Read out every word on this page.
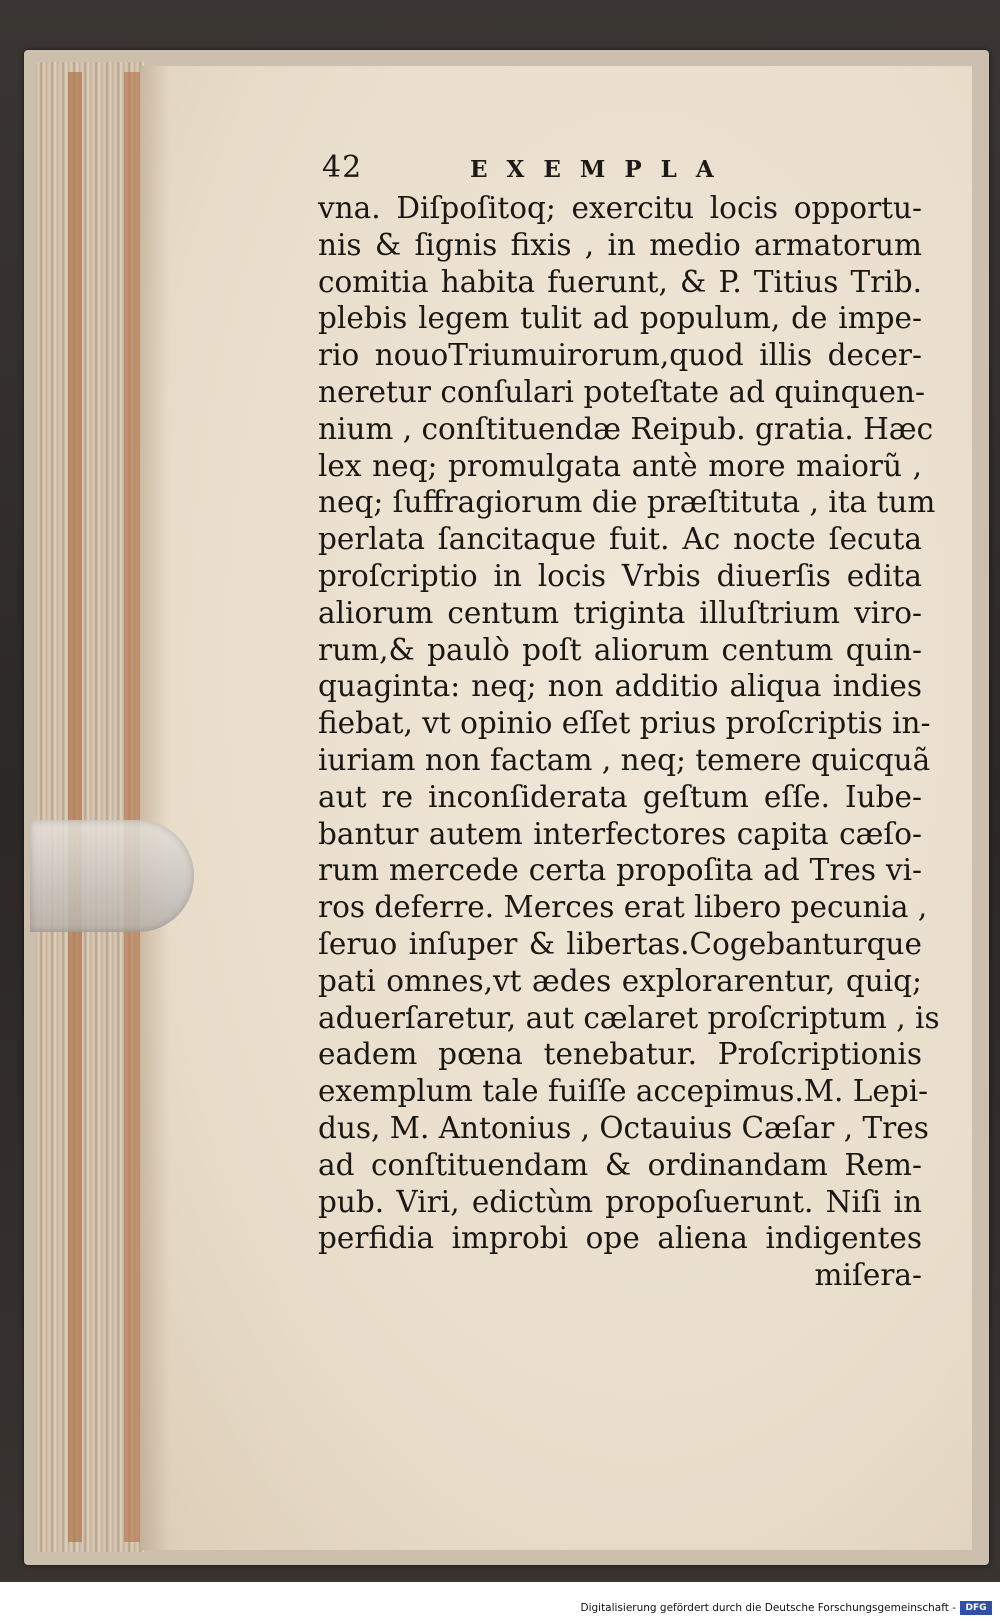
42	EXEMPLA
vna. Diſpoſitoq; exercitu locis opportu-
nis & ſignis fixis , in medio armatorum
comitia habita fuerunt, & P. Titius Trib.
plebis legem tulit ad populum, de impe-
rio nouoTriumuirorum,quod illis decer-
neretur conſulari poteſtate ad quinquen-
nium , conſtituendæ Reipub. gratia. Hæc
lex neq; promulgata antè more maiorũ ,
neq; ſuffragiorum die præſtituta , ita tum
perlata ſancitaque fuit. Ac nocte ſecuta
proſcriptio in locis Vrbis diuerſis edita
aliorum centum triginta illuſtrium viro-
rum,& paulò poſt aliorum centum quin-
quaginta: neq; non additio aliqua indies
fiebat, vt opinio eſſet prius proſcriptis in-
iuriam non factam , neq; temere quicquã
aut re inconſiderata geſtum eſſe. Iube-
bantur autem interfectores capita cæſo-
rum mercede certa propoſita ad Tres vi-
ros deferre. Merces erat libero pecunia ,
ſeruo inſuper & libertas.Cogebanturque
pati omnes,vt ædes explorarentur, quiq;
aduerſaretur, aut cælaret proſcriptum , is
eadem pœna tenebatur. Proſcriptionis
exemplum tale fuiſſe accepimus.M. Lepi-
dus, M. Antonius , Octauius Cæſar , Tres
ad conſtituendam & ordinandam Rem-
pub. Viri, edictùm propoſuerunt. Niſi in
perfidia improbi ope aliena indigentes
miſera-
Digitalisierung gefördert durch die Deutsche Forschungsgemeinschaft -	DFG
